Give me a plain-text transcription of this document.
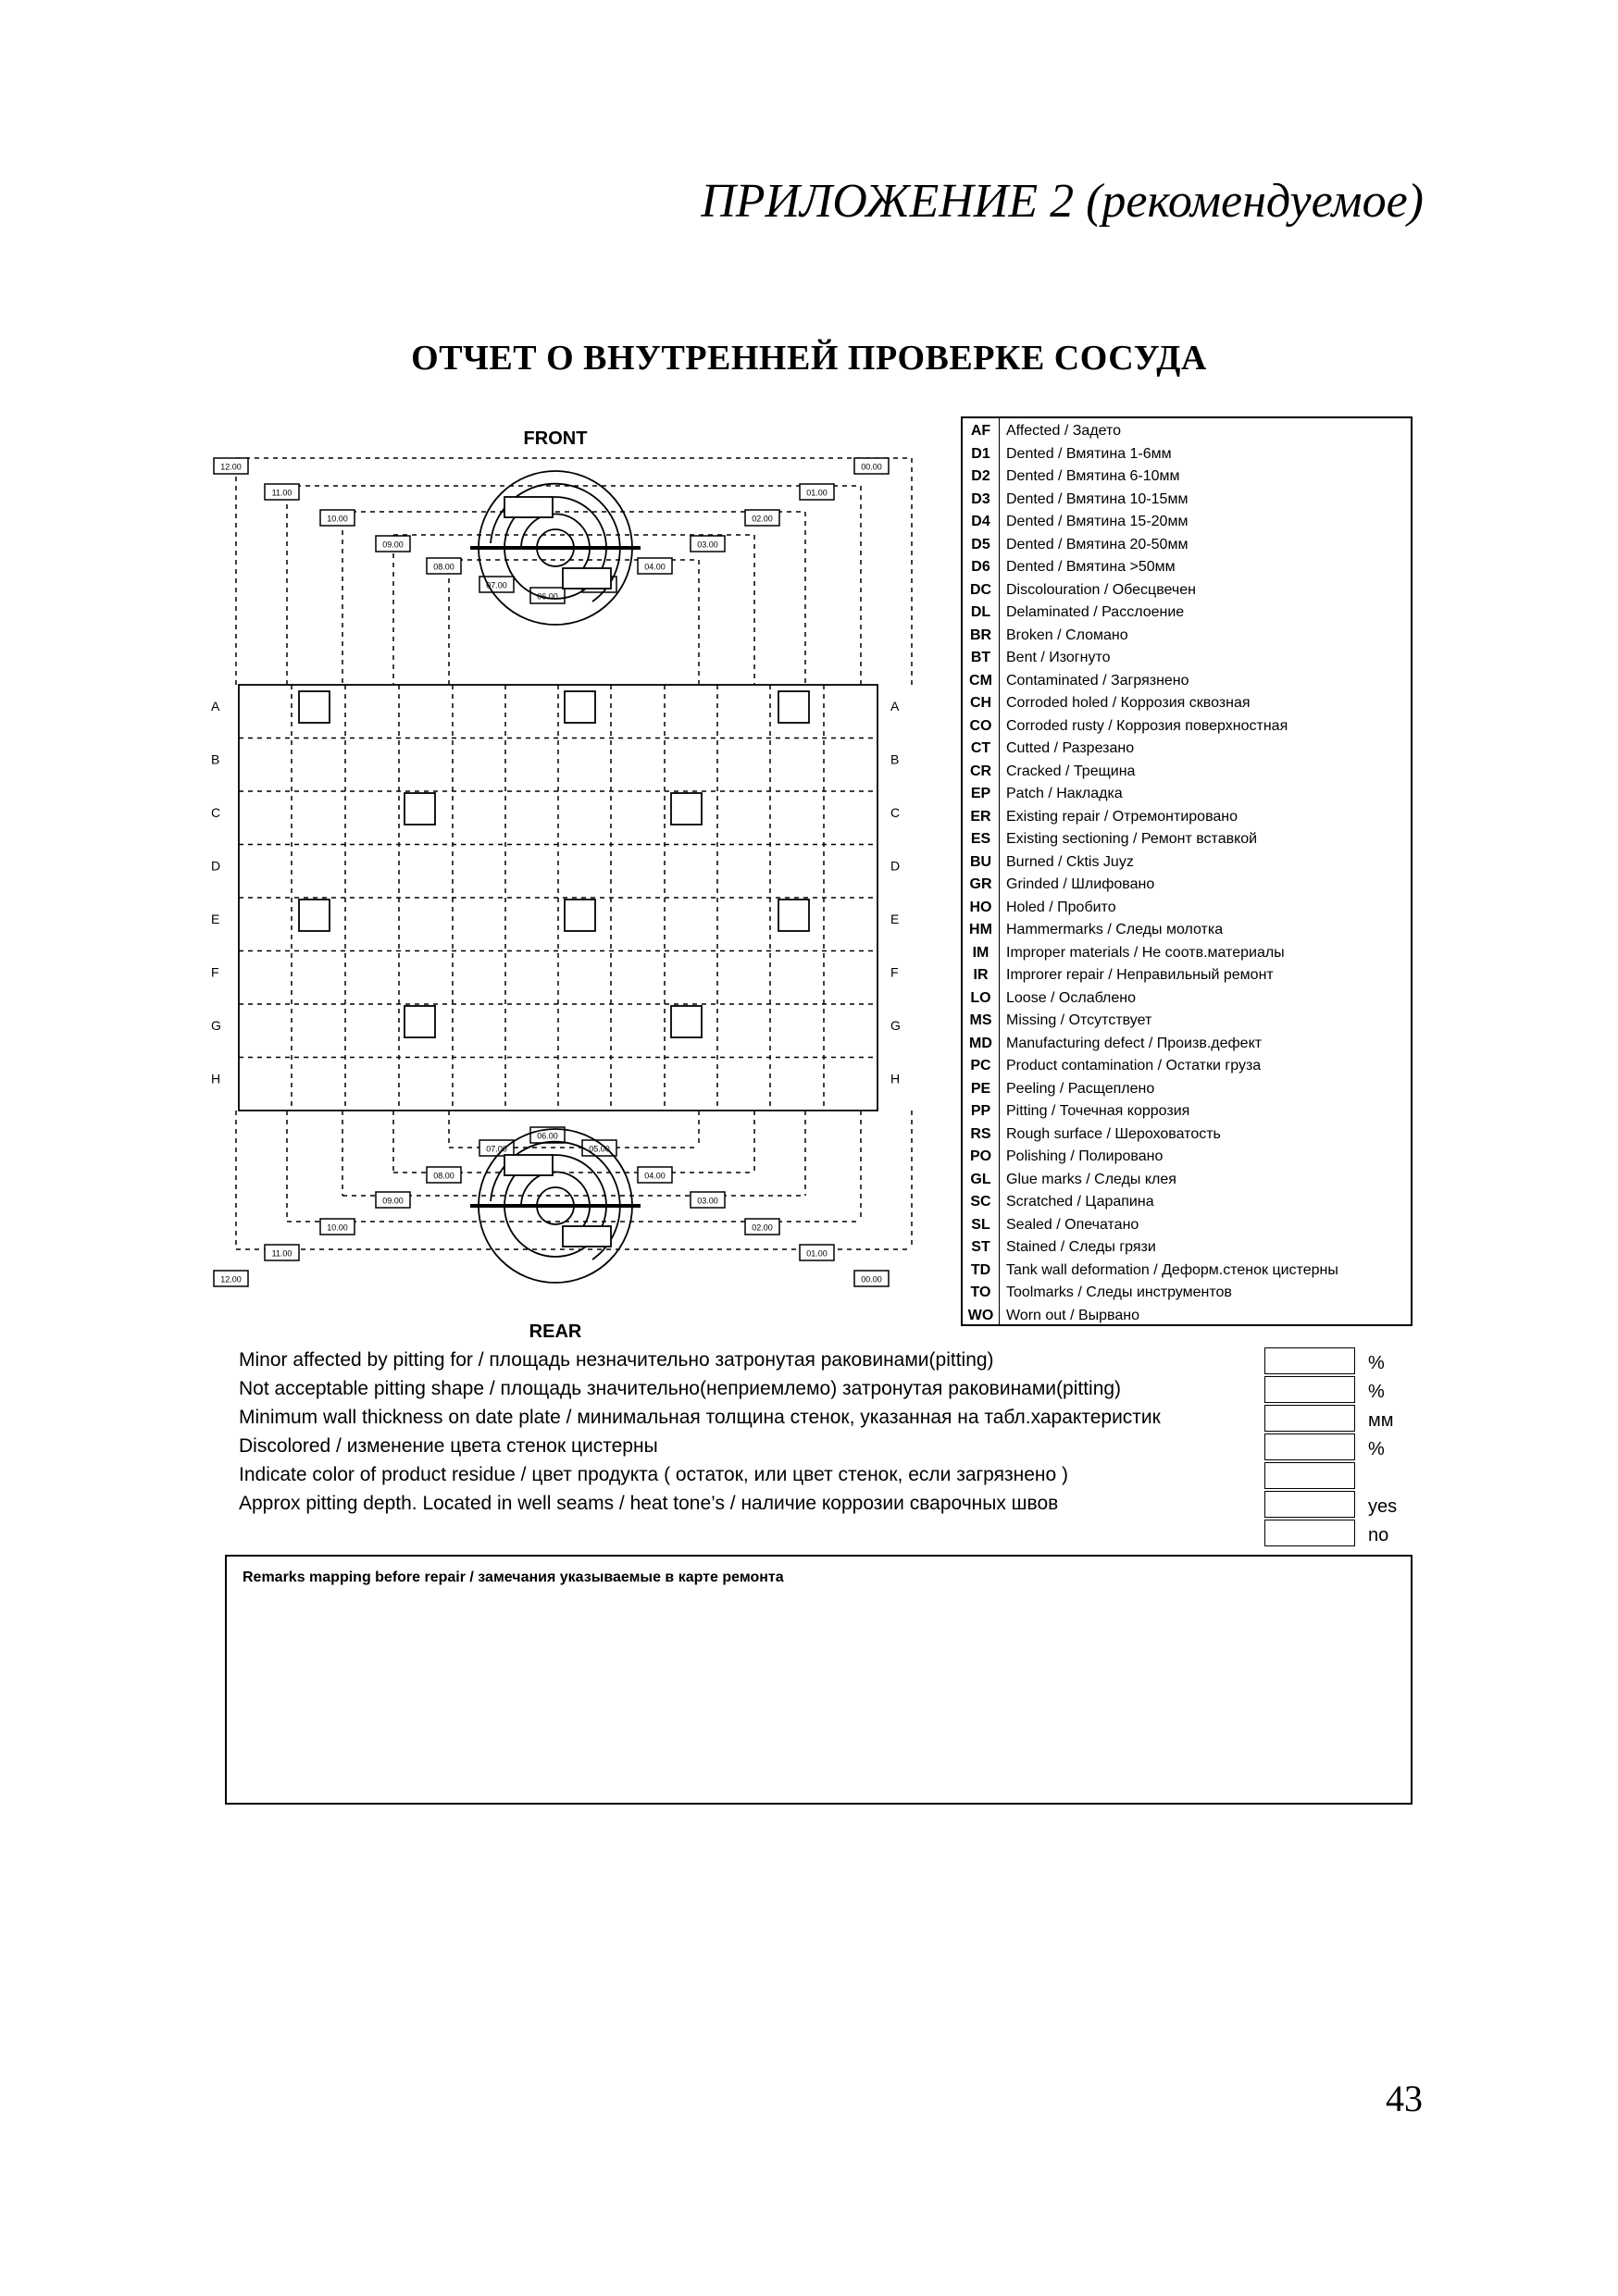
ПРИЛОЖЕНИЕ 2 (рекомендуемое)
ОТЧЕТ О ВНУТРЕННЕЙ ПРОВЕРКЕ СОСУДА
A	A
B	B
C	C
D	D
E	E
F	F
G	G
H	H
12.00
11.00
10.00
09.00
08.00
07.00
06.00
04.00
03.00
02.00
01.00
00.00
12.00
11.00
10.00
09.00
08.00
07.00
06.00
05.00
04.00
03.00
02.00
01.00
00.00
FRONT
REAR
AF	Affected / Задето
D1	Dented / Вмятина 1-6мм
D2	Dented / Вмятина 6-10мм
D3	Dented / Вмятина 10-15мм
D4	Dented / Вмятина 15-20мм
D5	Dented / Вмятина 20-50мм
D6	Dented / Вмятина >50мм
DC Discolouration / Обесцвечен
DL	Delaminated / Расслоение
BR Broken / Сломано
BT	Bent / Изогнуто
CM Contaminated / Загрязнено
CH Corroded holed / Коррозия сквозная
CO Corroded rusty / Коррозия поверхностная
CT	Cutted / Разрезано
CR Cracked / Трещина
EP	Patch / Накладка
ER	Existing repair / Отремонтировано
ES	Existing sectioning / Ремонт вставкой
BU Burned / Cktis Juyz
GR Grinded / Шлифовано
HO Holed / Пробито
HM Hammermarks / Следы молотка
IM	Improper materials / Не соотв.материалы
IR	Improrer repair / Неправильный ремонт
LO	Loose / Ослаблено
MS Missing / Отсутствует
MD Manufacturing defect / Произв.дефект
PC	Product contamination / Остатки груза
PE	Peeling / Расщеплено
PP	Pitting / Точечная коррозия
RS	Rough surface / Шероховатость
PO Polishing / Полировано
GL	Glue marks / Следы клея
SC	Scratched / Царапина
SL	Sealed / Опечатано
ST	Stained / Следы грязи
TD	Tank wall deformation / Деформ.стенок цистерны
TO	Toolmarks / Следы инструментов
WO Worn out / Вырвано
Minor affected by pitting for / площадь незначительно затронутая раковинами(pitting)	%
Not acceptable pitting shape / площадь значительно(неприемлемо) затронутая раковинами(pitting)	%
Minimum wall thickness on date plate / минимальная толщина стенок, указанная на табл.характеристик	мм
Discolored / изменение цвета стенок цистерны	%
Indicate color of product residue / цвет продукта ( остаток, или цвет стенок, если загрязнено )
Approx pitting depth. Located in well seams / heat tone’s / наличие коррозии сварочных швов	yes
no
Remarks mapping before repair / замечания указываемые в карте ремонта
43
